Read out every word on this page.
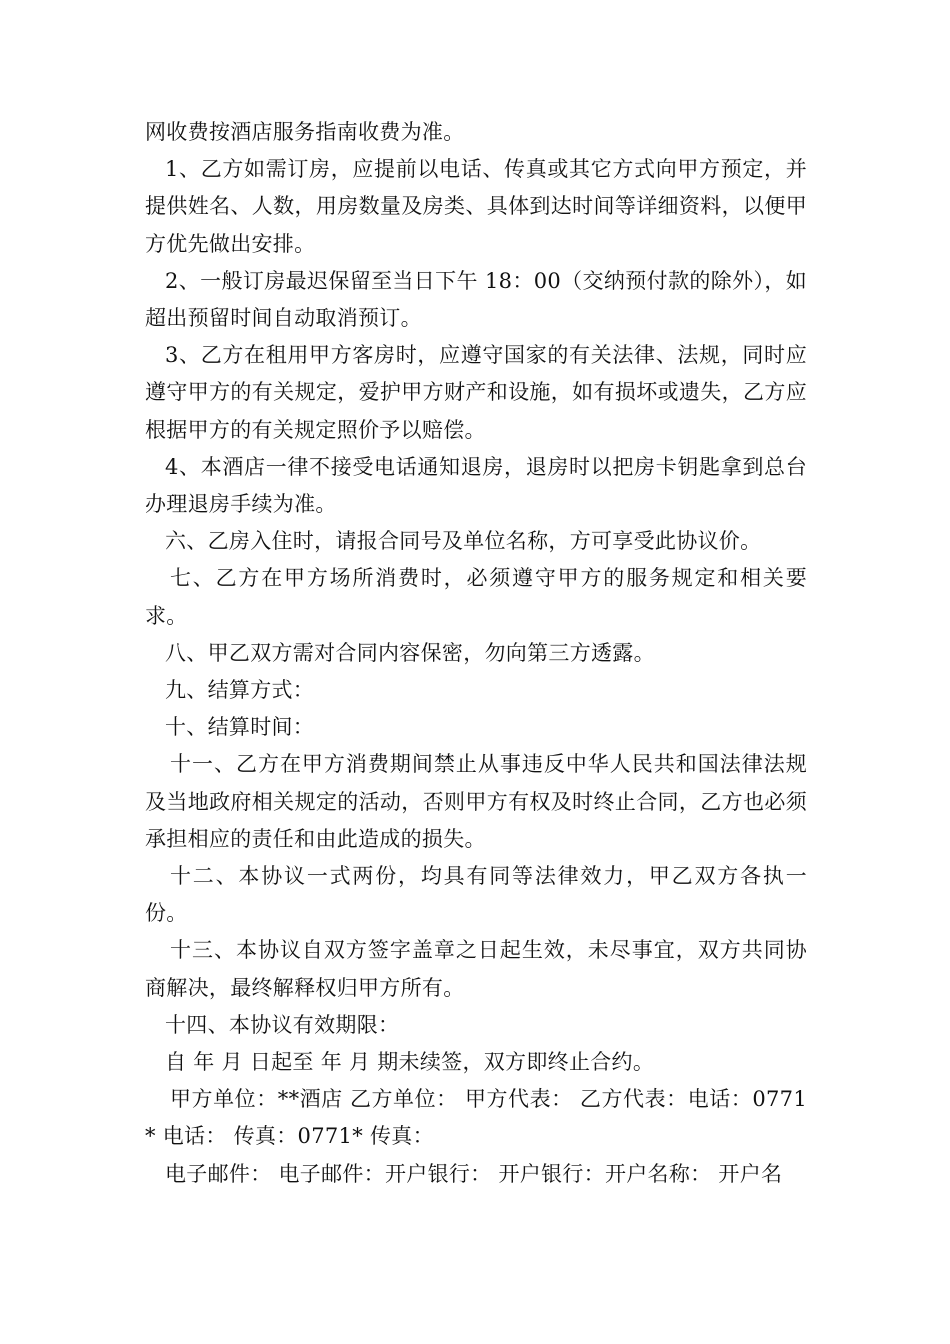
网收费按酒店服务指南收费为准。

1、乙方如需订房，应提前以电话、传真或其它方式向甲方预定，并提供姓名、人数，用房数量及房类、具体到达时间等详细资料，以便甲方优先做出安排。

2、一般订房最迟保留至当日下午 18：00（交纳预付款的除外），如超出预留时间自动取消预订。

3、乙方在租用甲方客房时，应遵守国家的有关法律、法规，同时应遵守甲方的有关规定，爱护甲方财产和设施，如有损坏或遗失，乙方应根据甲方的有关规定照价予以赔偿。

4、本酒店一律不接受电话通知退房，退房时以把房卡钥匙拿到总台办理退房手续为准。

六、乙房入住时，请报合同号及单位名称，方可享受此协议价。

七、乙方在甲方场所消费时，必须遵守甲方的服务规定和相关要求。

八、甲乙双方需对合同内容保密，勿向第三方透露。

九、结算方式：

十、结算时间：

十一、乙方在甲方消费期间禁止从事违反中华人民共和国法律法规及当地政府相关规定的活动，否则甲方有权及时终止合同，乙方也必须承担相应的责任和由此造成的损失。

十二、本协议一式两份，均具有同等法律效力，甲乙双方各执一份。

十三、本协议自双方签字盖章之日起生效，未尽事宜，双方共同协商解决，最终解释权归甲方所有。

十四、本协议有效期限：

自 年 月 日起至 年 月 期未续签，双方即终止合约。

甲方单位：**酒店 乙方单位： 甲方代表： 乙方代表：电话：0771* 电话： 传真：0771* 传真：

电子邮件： 电子邮件：开户银行： 开户银行：开户名称： 开户名
